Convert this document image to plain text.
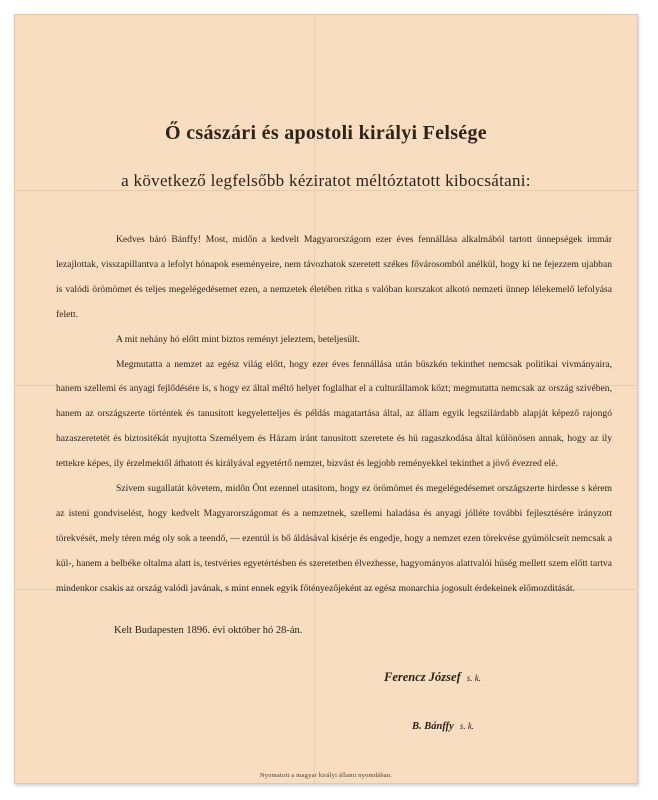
Ő császári és apostoli királyi Felsége
a következő legfelsőbb kéziratot méltóztatott kibocsátani:

Kedves báró Bánffy! Most, midőn a kedvelt Magyarországom ezer éves fennállása alkalmából tartott ünnepségek immár lezajlottak, visszapillantva a lefolyt hónapok eseményeire, nem távozhatok szeretett székes fővárosomból anélkül, hogy ki ne fejezzem ujabban is valódi örömömet és teljes megelégedésemet ezen, a nemzetek életében ritka s valóban korszakot alkotó nemzeti ünnep lélekemelő lefolyása felett.

A mit nehány hó előtt mint biztos reményt jeleztem, beteljesült.

Megmutatta a nemzet az egész világ előtt, hogy ezer éves fennállása után büszkén tekinthet nemcsak politikai vivmányaira, hanem szellemi és anyagi fejlődésére is, s hogy ez által méltó helyet foglalhat el a culturállamok közt; megmutatta nemcsak az ország szivében, hanem az országszerte történtek és tanusitott kegyeletteljes és példás magatartása által, az állam egyik legszilárdabb alapját képező rajongó hazaszeretetét és biztositékát nyujtotta Személyem és Házam iránt tanusitott szeretete és hü ragaszkodása által különösen annak, hogy az ily tettekre képes, ily érzelmektől áthatott és királyával egyetértő nemzet, bizvást és legjobb reményekkel tekinthet a jövő évezred elé.

Szivem sugallatát követem, midőn Önt ezennel utasitom, hogy ez örömömet és megelégedésemet országszerte hirdesse s kérem az isteni gondviselést, hogy kedvelt Magyarországomat és a nemzetnek, szellemi haladása és anyagi jólléte további fejlesztésére irányzott törekvését, mely téren még oly sok a teendő, — ezentúl is bő áldásával kisérje és engedje, hogy a nemzet ezen törekvése gyümölcseit nemcsak a kül-, hanem a belbéke oltalma alatt is, testvéries egyetértésben és szeretetben élvezhesse, hagyományos alattvalói hüség mellett szem előtt tartva mindenkor csakis az ország valódi javának, s mint ennek egyik főtényezőjeként az egész monarchia jogosult érdekeinek előmozditását.

Kelt Budapesten 1896. évi október hó 28-án.
Ferencz József s. k.
B. Bánffy s. k.
Nyomatott a magyar királyi állami nyomdában.
